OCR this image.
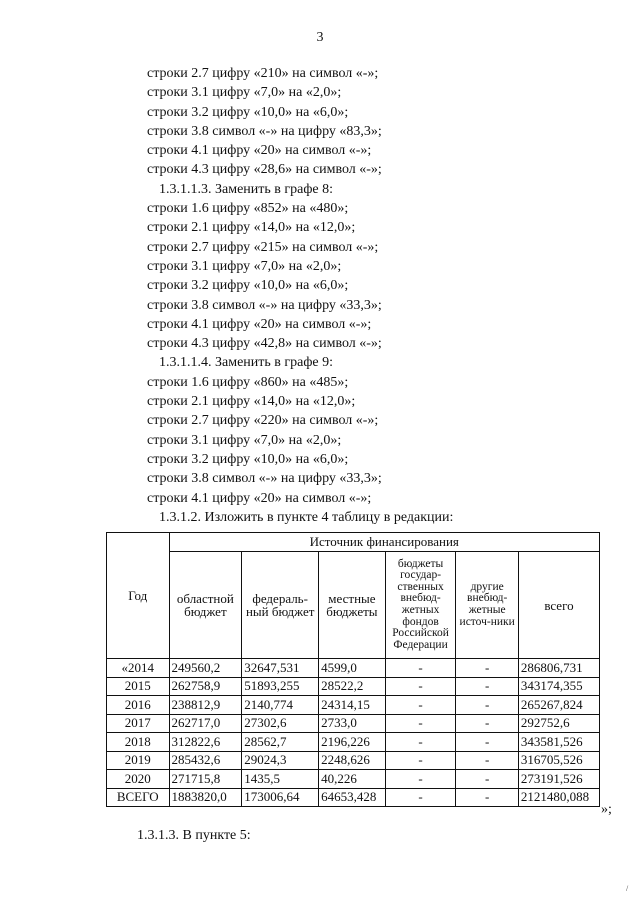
3
строки 2.7 цифру «210» на символ «-»;
строки 3.1 цифру «7,0» на «2,0»;
строки 3.2 цифру «10,0» на «6,0»;
строки 3.8 символ «-» на цифру «83,3»;
строки 4.1 цифру «20» на символ «-»;
строки 4.3 цифру «28,6» на символ «-»;
1.3.1.1.3. Заменить в графе 8:
строки 1.6 цифру «852» на «480»;
строки 2.1 цифру «14,0» на «12,0»;
строки 2.7 цифру «215» на символ «-»;
строки 3.1 цифру «7,0» на «2,0»;
строки 3.2 цифру «10,0» на «6,0»;
строки 3.8 символ «-» на цифру «33,3»;
строки 4.1 цифру «20» на символ «-»;
строки 4.3 цифру «42,8» на символ «-»;
1.3.1.1.4. Заменить в графе 9:
строки 1.6 цифру «860» на «485»;
строки 2.1 цифру «14,0» на «12,0»;
строки 2.7 цифру «220» на символ «-»;
строки 3.1 цифру «7,0» на «2,0»;
строки 3.2 цифру «10,0» на «6,0»;
строки 3.8 символ «-» на цифру «33,3»;
строки 4.1 цифру «20» на символ «-»;
1.3.1.2. Изложить в пункте 4 таблицу в редакции:
Год	Источник финансирования					
	областной бюджет	федераль-ный бюджет	местные бюджеты	бюджеты государ-ственных внебюд-жетных фондов Российской Федерации	другие внебюд-жетные источ-ники	всего
«2014	249560,2	32647,531	4599,0	-	-	286806,731
2015	262758,9	51893,255	28522,2	-	-	343174,355
2016	238812,9	2140,774	24314,15	-	-	265267,824
2017	262717,0	27302,6	2733,0	-	-	292752,6
2018	312822,6	28562,7	2196,226	-	-	343581,526
2019	285432,6	29024,3	2248,626	-	-	316705,526
2020	271715,8	1435,5	40,226	-	-	273191,526
ВСЕГО	1883820,0	173006,64	64653,428	-	-	2121480,088
»;
1.3.1.3. В пункте 5:
/
